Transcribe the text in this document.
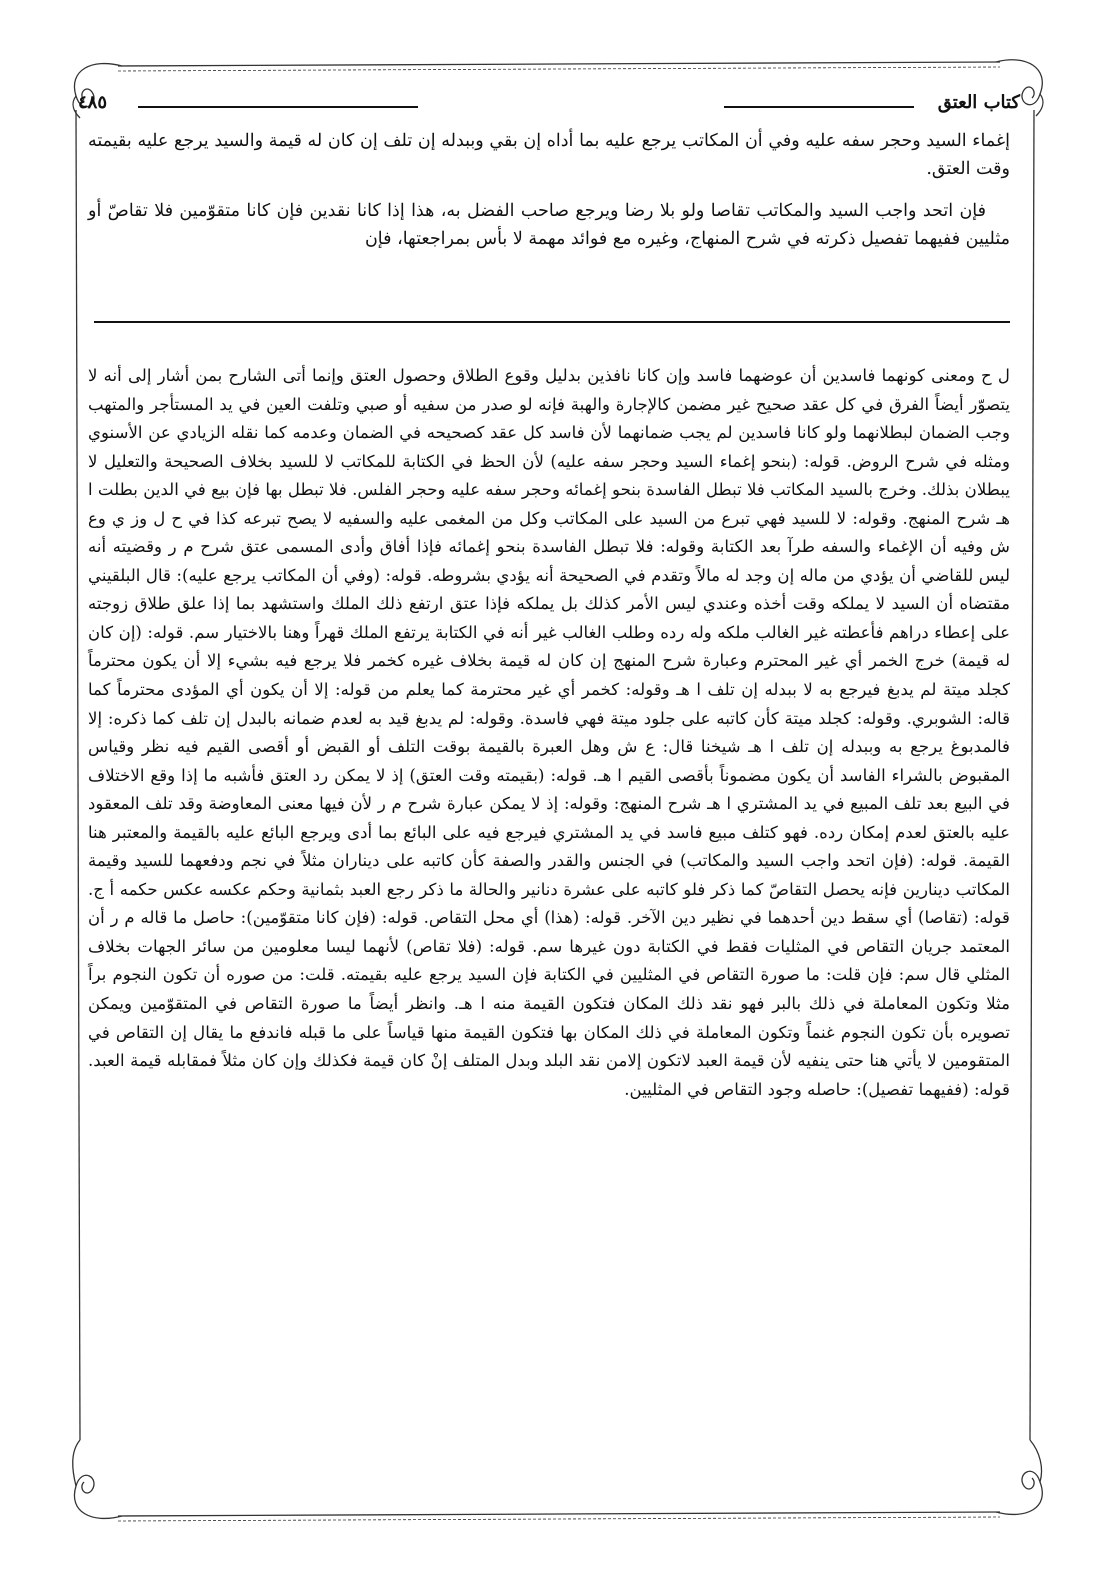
كتاب العتق
٤٨٥

إغماء السيد وحجر سفه عليه وفي أن المكاتب يرجع عليه بما أداه إن بقي وببدله إن تلف إن كان له قيمة والسيد يرجع عليه بقيمته وقت العتق.

فإن اتحد واجب السيد والمكاتب تقاصا ولو بلا رضا ويرجع صاحب الفضل به، هذا إذا كانا نقدين فإن كانا متقوّمين فلا تقاصّ أو مثليين ففيهما تفصيل ذكرته في شرح المنهاج، وغيره مع فوائد مهمة لا بأس بمراجعتها، فإن

ل ح ومعنى كونهما فاسدين أن عوضهما فاسد وإن كانا نافذين بدليل وقوع الطلاق وحصول العتق وإنما أتى الشارح بمن أشار إلى أنه لا يتصوّر أيضاً الفرق في كل عقد صحيح غير مضمن كالإجارة والهبة فإنه لو صدر من سفيه أو صبي وتلفت العين في يد المستأجر والمتهب وجب الضمان لبطلانهما ولو كانا فاسدين لم يجب ضمانهما لأن فاسد كل عقد كصحيحه في الضمان وعدمه كما نقله الزيادي عن الأسنوي ومثله في شرح الروض. قوله: (بنحو إغماء السيد وحجر سفه عليه) لأن الحظ في الكتابة للمكاتب لا للسيد بخلاف الصحيحة والتعليل لا يبطلان بذلك. وخرج بالسيد المكاتب فلا تبطل الفاسدة بنحو إغمائه وحجر سفه عليه وحجر الفلس. فلا تبطل بها فإن بيع في الدين بطلت ا هـ شرح المنهج. وقوله: لا للسيد فهي تبرع من السيد على المكاتب وكل من المغمى عليه والسفيه لا يصح تبرعه كذا في ح ل وز ي وع ش وفيه أن الإغماء والسفه طرآ بعد الكتابة وقوله: فلا تبطل الفاسدة بنحو إغمائه فإذا أفاق وأدى المسمى عتق شرح م ر وقضيته أنه ليس للقاضي أن يؤدي من ماله إن وجد له مالاً وتقدم في الصحيحة أنه يؤدي بشروطه. قوله: (وفي أن المكاتب يرجع عليه): قال البلقيني مقتضاه أن السيد لا يملكه وقت أخذه وعندي ليس الأمر كذلك بل يملكه فإذا عتق ارتفع ذلك الملك واستشهد بما إذا علق طلاق زوجته على إعطاء دراهم فأعطته غير الغالب ملكه وله رده وطلب الغالب غير أنه في الكتابة يرتفع الملك قهراً وهنا بالاختيار سم. قوله: (إن كان له قيمة) خرج الخمر أي غير المحترم وعبارة شرح المنهج إن كان له قيمة بخلاف غيره كخمر فلا يرجع فيه بشيء إلا أن يكون محترماً كجلد ميتة لم يدبغ فيرجع به لا ببدله إن تلف ا هـ وقوله: كخمر أي غير محترمة كما يعلم من قوله: إلا أن يكون أي المؤدى محترماً كما قاله: الشوبري. وقوله: كجلد ميتة كأن كاتبه على جلود ميتة فهي فاسدة. وقوله: لم يدبغ قيد به لعدم ضمانه بالبدل إن تلف كما ذكره: إلا فالمدبوغ يرجع به وببدله إن تلف ا هـ شيخنا قال: ع ش وهل العبرة بالقيمة بوقت التلف أو القبض أو أقصى القيم فيه نظر وقياس المقبوض بالشراء الفاسد أن يكون مضموناً بأقصى القيم ا هـ. قوله: (بقيمته وقت العتق) إذ لا يمكن رد العتق فأشبه ما إذا وقع الاختلاف في البيع بعد تلف المبيع في يد المشتري ا هـ شرح المنهج: وقوله: إذ لا يمكن عبارة شرح م ر لأن فيها معنى المعاوضة وقد تلف المعقود عليه بالعتق لعدم إمكان رده. فهو كتلف مبيع فاسد في يد المشتري فيرجع فيه على البائع بما أدى ويرجع البائع عليه بالقيمة والمعتبر هنا القيمة. قوله: (فإن اتحد واجب السيد والمكاتب) في الجنس والقدر والصفة كأن كاتبه على ديناران مثلاً في نجم ودفعهما للسيد وقيمة المكاتب دينارين فإنه يحصل التقاصّ كما ذكر فلو كاتبه على عشرة دنانير والحالة ما ذكر رجع العبد بثمانية وحكم عكسه عكس حكمه أ ج. قوله: (تقاصا) أي سقط دين أحدهما في نظير دين الآخر. قوله: (هذا) أي محل التقاص. قوله: (فإن كانا متقوّمين): حاصل ما قاله م ر أن المعتمد جريان التقاص في المثليات فقط في الكتابة دون غيرها سم. قوله: (فلا تقاص) لأنهما ليسا معلومين من سائر الجهات بخلاف المثلي قال سم: فإن قلت: ما صورة التقاص في المثليين في الكتابة فإن السيد يرجع عليه بقيمته. قلت: من صوره أن تكون النجوم براً مثلا وتكون المعاملة في ذلك بالبر فهو نقد ذلك المكان فتكون القيمة منه ا هـ. وانظر أيضاً ما صورة التقاص في المتقوّمين ويمكن تصويره بأن تكون النجوم غنماً وتكون المعاملة في ذلك المكان بها فتكون القيمة منها قياساً على ما قبله فاندفع ما يقال إن التقاص في المتقومين لا يأتي هنا حتى ينفيه لأن قيمة العبد لاتكون إلامن نقد البلد وبدل المتلف إنْ كان قيمة فكذلك وإن كان مثلاً فمقابله قيمة العبد. قوله: (ففيهما تفصيل): حاصله وجود التقاص في المثليين.
